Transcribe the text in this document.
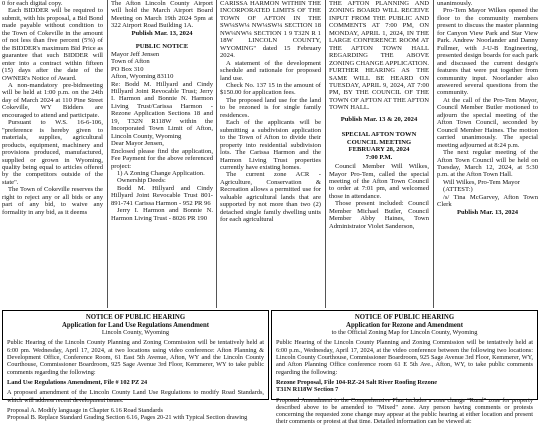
0 for each digital copy.

Each BIDDER will be required to submit, with his proposal, a Bid Bond made payable without condition to the Town of Cokeville in the amount of not less than five percent (5%) of the BIDDER's maximum Bid Price as guarantee that such BIDDER will enter into a contract within fifteen (15) days after the date of the OWNER's Notice of Award.

A non-mandatory pre-bidmeeting will be held at 1:00 p.m. on the 24th day of March 2024 at 110 Pine Street Cokeville, WY Bidders are encouraged to attend and participate.

Pursuant to W.S. 16-6-106, "preference is hereby given to materials, supplies, agricultural products, equipment, machinery and provisions produced, manufactured, supplied or grown in Wyoming, quality being equal to articles offered by the competitors outside of the state".

The Town of Cokeville reserves the right to reject any or all bids or any part of any bid, to waive any formality in any bid, as it deems

The Afton Lincoln County Airport will hold the March Airport Board Meeting on March 19th 2024 5pm at 322 Airport Road Building 1A.

Publish Mar. 13, 2024

PUBLIC NOTICE

Mayor Jeff Jensen

Town of Afton

PO Box 310

Afton, Wyoming 83110

Re: Bodd M. Hillyard and Cindy Hillyard Joint Revocable Trust; Jerry I. Harmon and Bonnie N. Harmon Living Trust/Carissa Harmon - Rezone Application Sections 18 and 19, T32N R118W within the Incorporated Town Limit of Afton, Lincoln County, Wyoming

Dear Mayor Jensen,

Enclosed please find the application, Fee Payment for the above referenced project:

1) A Zoning Change Application.

Ownership Deeds:

Bodd M. Hillyard and Cindy Hillyard Joint Revocable Trust 801-891-741 Carissa Harmon - 952 PR 96

Jerry I. Harmon and Bonnie N. Harmon Living Trust - 8026 PR 190

CARISSA HARMON WITHIN THE INCORPORATED LIMITS OF THE TOWN OF AFTON IN THE SW¼SW¼ NW¼SW¼ SECTION 18 NW¼NW¼ SECTION 1 9 T32N R 1 18W LINCOLN COUNTY, WYOMING" dated 15 February 2024.

A statement of the development schedule and rationale for proposed land use.

Check No. 137 15 in the amount of $150.00 for application fees.

The proposed land use for the land to be rezoned is for single family residences.

Each of the applicants will be submitting a subdivision application to the Town of Afton to divide their property into residential subdivision lots. The Carissa Harmon and the Harmon Living Trust properties currently have existing homes.

The current zone ACR - Agriculture, Conservation & Recreation allows a permitted use for valuable agricultural lands that are supported by not more than two (2) detached single family dwelling units for each agricultural

THE AFTON PLANNING AND ZONING BOARD WILL RECEIVE INPUT FROM THE PUBLIC AND COMMENTS AT 7:00 PM, ON MONDAY, APRIL 1, 2024, IN THE LARGE CONFERENCE ROOM AT THE AFTON TOWN HALL REGARDING THE ABOVE ZONING CHANGE APPLICATION. FURTHER HEARING AS THE SAME WILL BE HEARD ON TUESDAY, APRIL 9, 2024, AT 7:00 PM, BY THE COUNCIL OF THE TOWN OF AFTON AT THE AFTON TOWN HALL.

Publish Mar. 13 & 20, 2024

SPECIAL AFTON TOWN COUNCIL MEETING

FEBRUARY 28, 2024

7:00 P.M.

Council Member Will Wilkes, Mayor Pro-Tem, called the special meeting of the Afton Town Council to order at 7:01 pm, and welcomed those in attendance.

Those present included: Council Member Michael Butler, Council Member Abby Haines, Town Administrator Violet Sanderson,

unanimously.

Pro-Tem Mayor Wilkes opened the floor to the community members present to discuss the master planning for Canyon View Park and Star View Park. Andrew Noorlander and Danny Fullmer, with J-U-B Engineering, presented design boards for each park and discussed the current design's features that were put together from community input. Noorlander also answered several questions from the community.

At the call of the Pro-Tem Mayor, Council Member Butler motioned to adjourn the special meeting of the Afton Town Council, seconded by Council Member Haines. The motion carried unanimously. The special meeting adjourned at 8:24 p.m.

The next regular meeting of the Afton Town Council will be held on Tuesday, March 12, 2024, at 5:30 p.m. at the Afton Town Hall.

Will Wilkes, Pro-Tem Mayor

(ATTEST:)

/s/ Tina McGarvey, Afton Town Clerk

Publish Mar. 13, 2024

NOTICE OF PUBLIC HEARING
Application for Land Use Regulations Amendment
Lincoln County, Wyoming

Public Hearing of the Lincoln County Planning and Zoning Commission will be tentatively held at 6:00 pm. Wednesday, April 17, 2024, at two locations using video conference: Afton Planning & Development Office, Conference Room, 61 East 5th Avenue, Afton, WY and the Lincoln County Courthouse, Commissioner Boardroom, 925 Sage Avenue 3rd Floor, Kemmerer, WY to take public comments regarding the following:

Land Use Regulations Amendment, File # 102 PZ 24

A proposed amendment of the Lincoln County Land Use Regulations to modify Road Standards, which will address recent development issues.

Proposal A. Modify language in Chapter 6.16 Road Standards

Proposal B. Replace Standard Grading Section 6.16, Pages 20-21 with Typical Section drawing

NOTICE OF PUBLIC HEARING
Application for Rezone and Amendment
to the Official Zoning Map for Lincoln County, Wyoming

Public Hearing of the Lincoln County Planning and Zoning Commission will be tentatively held at 6:00 p.m., Wednesday, April 17, 2024, at the video conference between the following two locations: Lincoln County Courthouse, Commissioner Boardroom, 925 Sage Avenue 3rd Floor, Kemmerer, WY, and Afton Planning Office conference room 61 E 5th Ave., Afton, WY, to take public comments regarding the following:

Rezone Proposal, File 104-RZ-24 Salt River Roofing Rezone

T31N R118W Section 7

Proposed Amendment to the Comprehensive Plan includes a zone change "Rural" zone for property described above to be amended to "Mixed" zone. Any person having comments or protests concerning the requested zone change may appear at the public hearing at either location and present their comments or protest at that time. Detailed information can be viewed at:
